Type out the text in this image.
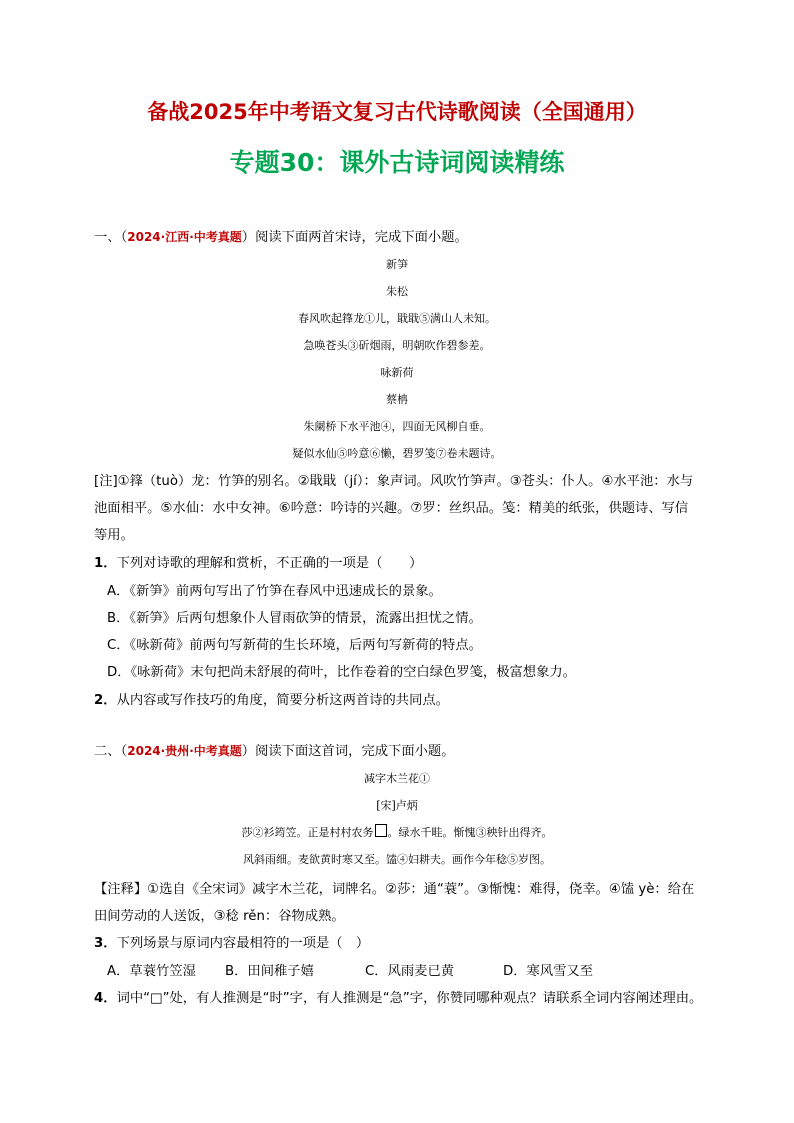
备战2025年中考语文复习古代诗歌阅读（全国通用）
专题30：课外古诗词阅读精练
一、（2024·江西·中考真题）阅读下面两首宋诗，完成下面小题。
新笋
朱松
春风吹起箨龙①儿，戢戢⑤满山人未知。
急唤苍头③斫烟雨，明朝吹作碧参差。
咏新荷
蔡柟
朱阑桥下水平池④，四面无风柳自垂。
疑似水仙⑤吟意⑥懒，碧罗笺⑦卷未题诗。
[注]①箨（tuò）龙：竹笋的别名。②戢戢（jí）：象声词。风吹竹笋声。③苍头：仆人。④水平池：水与
池面相平。⑤水仙：水中女神。⑥吟意：吟诗的兴趣。⑦罗：丝织品。笺：精美的纸张，供题诗、写信
等用。
1．下列对诗歌的理解和赏析，不正确的一项是（　　）
A．《新笋》前两句写出了竹笋在春风中迅速成长的景象。
B．《新笋》后两句想象仆人冒雨砍笋的情景，流露出担忧之情。
C．《咏新荷》前两句写新荷的生长环境，后两句写新荷的特点。
D．《咏新荷》末句把尚未舒展的荷叶，比作卷着的空白绿色罗笺，极富想象力。
2．从内容或写作技巧的角度，简要分析这两首诗的共同点。
二、（2024·贵州·中考真题）阅读下面这首词，完成下面小题。
减字木兰花①
[宋]卢炳
莎②衫筠笠。正是村村农务 。绿水千畦。惭愧③秧针出得齐。
风斜雨细。麦欲黄时寒又至。馌④妇耕夫。画作今年稔⑤岁图。
【注释】①选自《全宋词》减字木兰花，词牌名。②莎：通“蓑”。③惭愧：难得，侥幸。④馌 yè：给在
田间劳动的人送饭，③稔 rěn：谷物成熟。
3．下列场景与原词内容最相符的一项是（　）
A．草蓑竹笠湿 B．田间稚子嬉	C．风雨麦已黄	D．寒风雪又至
4．词中“□”处，有人推测是“时”字，有人推测是“急”字，你赞同哪种观点？请联系全词内容阐述理由。
